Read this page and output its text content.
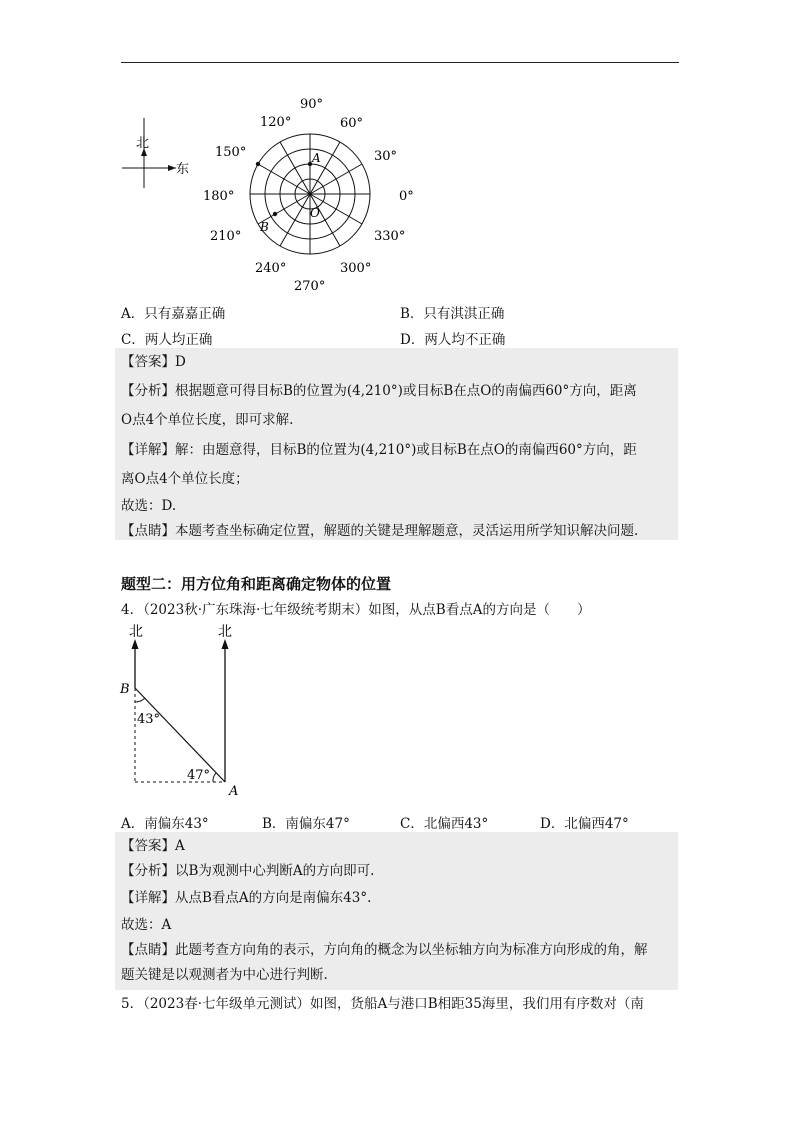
北
东
A
B
O
90°
60°
30°
0°
330°
300°
270°
240°
210°
180°
150°
120°
A．只有嘉嘉正确	B．只有淇淇正确
C．两人均正确	D．两人均不正确
【答案】D
【分析】根据题意可得目标B的位置为(4,210°)或目标B在点O的南偏西60°方向，距离
O点4个单位长度，即可求解.
【详解】解：由题意得，目标B的位置为(4,210°)或目标B在点O的南偏西60°方向，距
离O点4个单位长度；
故选：D.
【点睛】本题考查坐标确定位置，解题的关键是理解题意，灵活运用所学知识解决问题.
题型二：用方位角和距离确定物体的位置
4．（2023秋·广东珠海·七年级统考期末）如图，从点B看点A的方向是（　　）
北	北
B
A
43°
47°
A．南偏东43°	B．南偏东47°	C．北偏西43°	D．北偏西47°
【答案】A
【分析】以B为观测中心判断A的方向即可.
【详解】从点B看点A的方向是南偏东43°.
故选：A
【点睛】此题考查方向角的表示，方向角的概念为以坐标轴方向为标准方向形成的角，解
题关键是以观测者为中心进行判断.
5．（2023春·七年级单元测试）如图，货船A与港口B相距35海里，我们用有序数对（南
